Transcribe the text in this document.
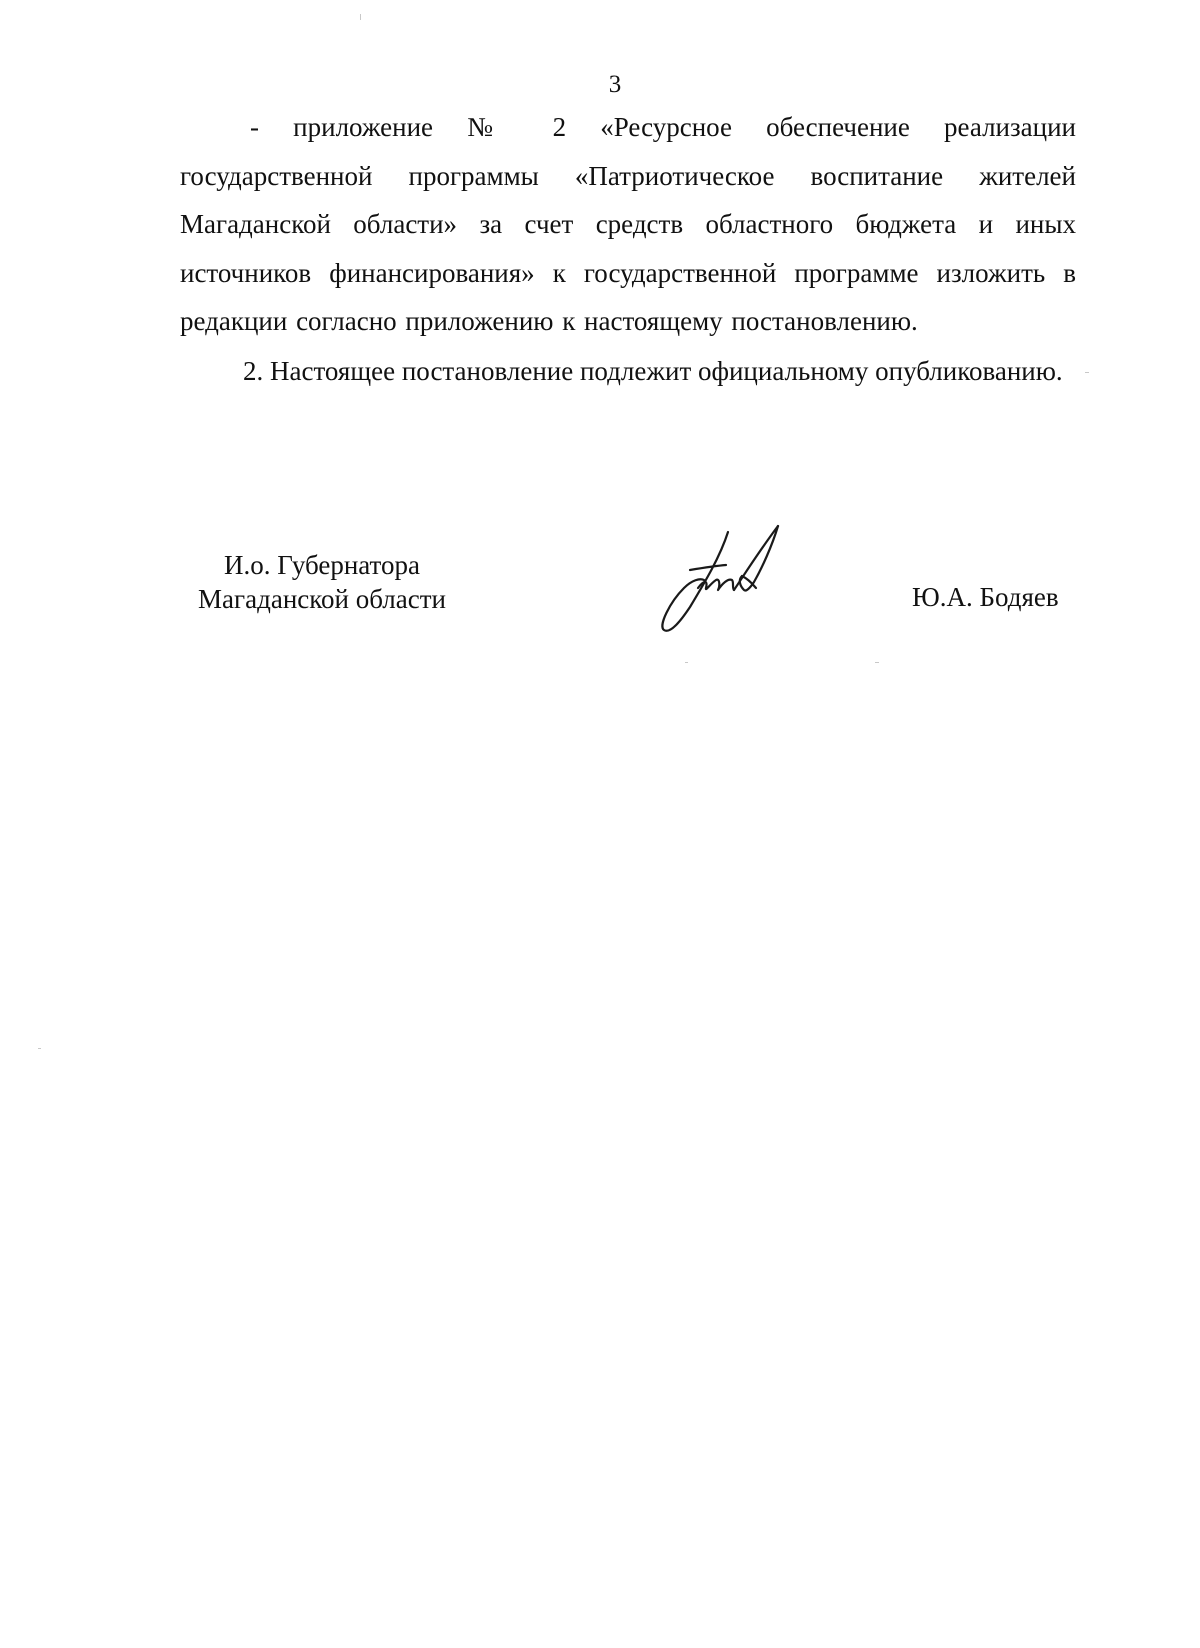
3

- приложение № 2 «Ресурсное обеспечение реализации государственной программы «Патриотическое воспитание жителей Магаданской области» за счет средств областного бюджета и иных источников финансирования» к государственной программе изложить в редакции согласно приложению к настоящему постановлению.

2. Настоящее постановление подлежит официальному опубликованию.

И.о. Губернатора
Магаданской области	Ю.А. Бодяев
